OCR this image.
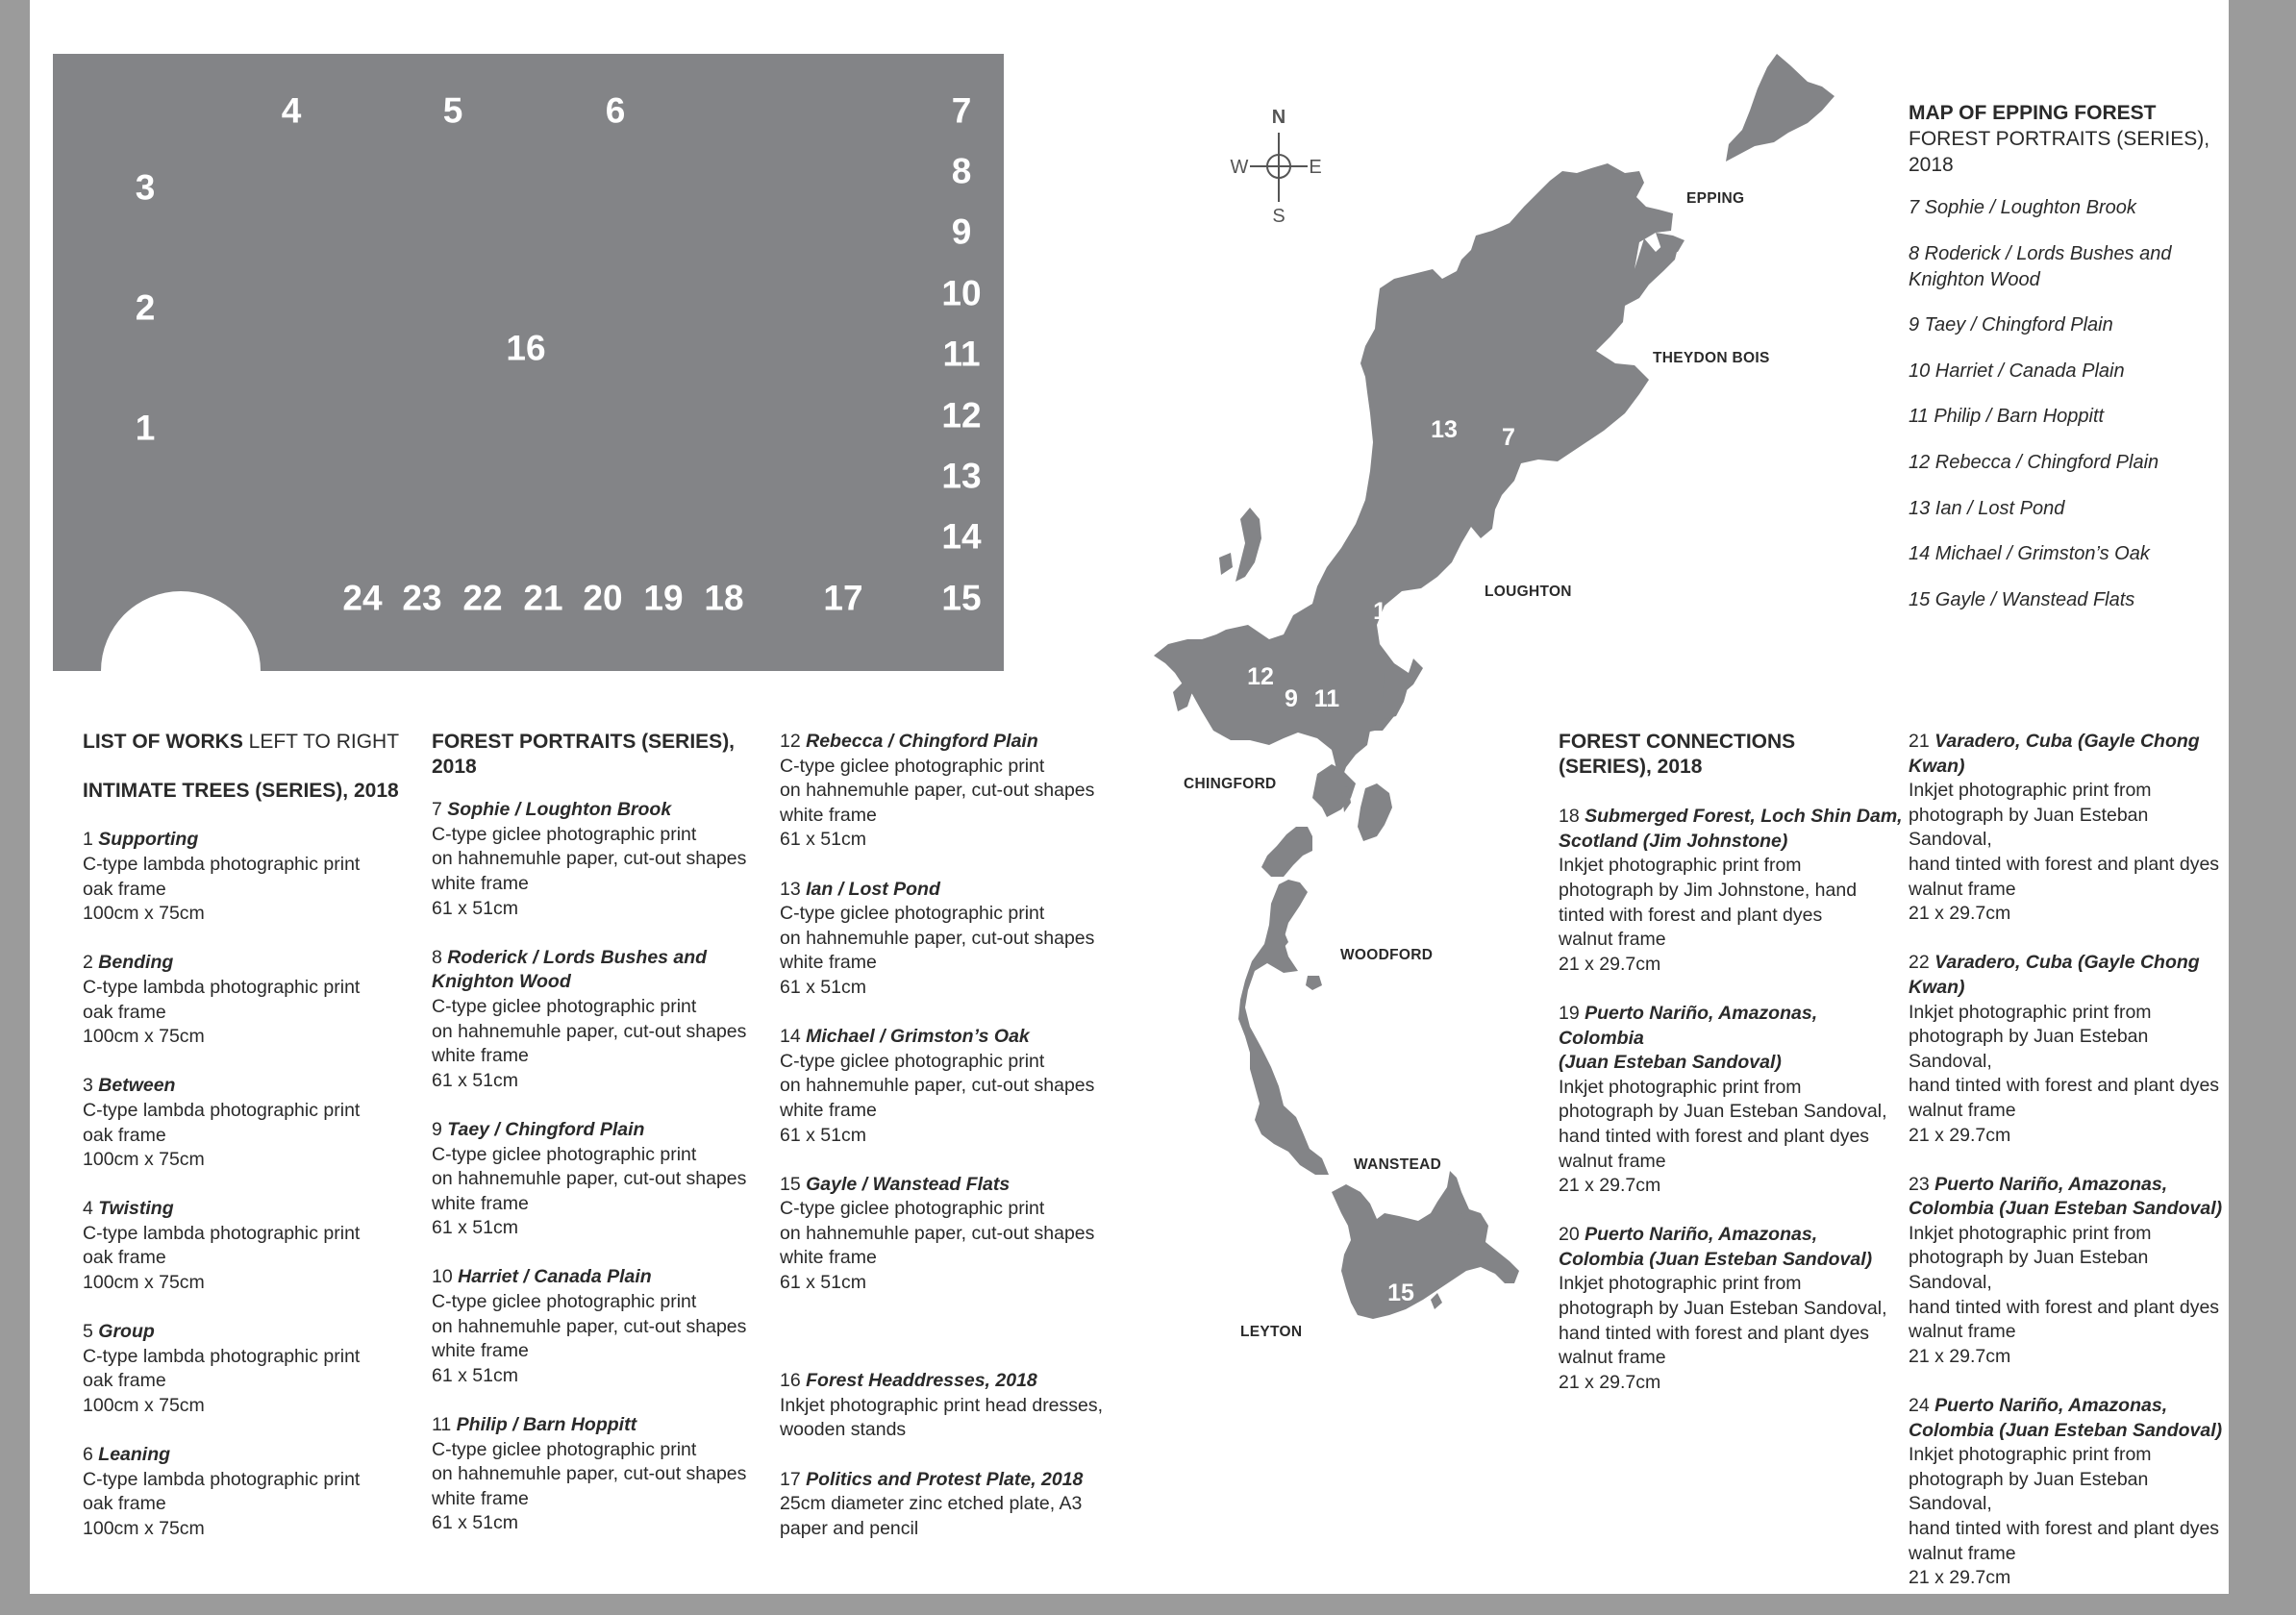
1
2
3
4	5	6	7
8
9
10
11
12
13
14
15
16
17
18
19
20
21
22
23
24
LIST OF WORKS LEFT TO RIGHT
INTIMATE TREES (SERIES), 2018
1 Supporting
C-type lambda photographic print
oak frame
100cm x 75cm
2 Bending
C-type lambda photographic print
oak frame
100cm x 75cm
3 Between
C-type lambda photographic print
oak frame
100cm x 75cm
4 Twisting
C-type lambda photographic print
oak frame
100cm x 75cm
5 Group
C-type lambda photographic print
oak frame
100cm x 75cm
6 Leaning
C-type lambda photographic print
oak frame
100cm x 75cm
FOREST PORTRAITS (SERIES), 2018
7 Sophie / Loughton Brook
C-type giclee photographic print
on hahnemuhle paper, cut-out shapes
white frame
61 x 51cm
8 Roderick / Lords Bushes and
Knighton Wood
C-type giclee photographic print
on hahnemuhle paper, cut-out shapes
white frame
61 x 51cm
9 Taey / Chingford Plain
C-type giclee photographic print
on hahnemuhle paper, cut-out shapes
white frame
61 x 51cm
10 Harriet / Canada Plain
C-type giclee photographic print
on hahnemuhle paper, cut-out shapes
white frame
61 x 51cm
11 Philip / Barn Hoppitt
C-type giclee photographic print
on hahnemuhle paper, cut-out shapes
white frame
61 x 51cm
12 Rebecca / Chingford Plain
C-type giclee photographic print
on hahnemuhle paper, cut-out shapes
white frame
61 x 51cm
13 Ian / Lost Pond
C-type giclee photographic print
on hahnemuhle paper, cut-out shapes
white frame
61 x 51cm
14 Michael / Grimston’s Oak
C-type giclee photographic print
on hahnemuhle paper, cut-out shapes
white frame
61 x 51cm
15 Gayle / Wanstead Flats
C-type giclee photographic print
on hahnemuhle paper, cut-out shapes
white frame
61 x 51cm
16 Forest Headdresses, 2018
Inkjet photographic print head dresses,
wooden stands
17 Politics and Protest Plate, 2018
25cm diameter zinc etched plate, A3
paper and pencil
FOREST CONNECTIONS
(SERIES), 2018
18 Submerged Forest, Loch Shin Dam,
Scotland (Jim Johnstone)
Inkjet photographic print from
photograph by Jim Johnstone, hand
tinted with forest and plant dyes
walnut frame
21 x 29.7cm
19 Puerto Nariño, Amazonas, Colombia
(Juan Esteban Sandoval)
Inkjet photographic print from
photograph by Juan Esteban Sandoval,
hand tinted with forest and plant dyes
walnut frame
21 x 29.7cm
20 Puerto Nariño, Amazonas,
Colombia (Juan Esteban Sandoval)
Inkjet photographic print from
photograph by Juan Esteban Sandoval,
hand tinted with forest and plant dyes
walnut frame
21 x 29.7cm
21 Varadero, Cuba (Gayle Chong Kwan)
Inkjet photographic print from
photograph by Juan Esteban Sandoval,
hand tinted with forest and plant dyes
walnut frame
21 x 29.7cm
22 Varadero, Cuba (Gayle Chong Kwan)
Inkjet photographic print from
photograph by Juan Esteban Sandoval,
hand tinted with forest and plant dyes
walnut frame
21 x 29.7cm
23 Puerto Nariño, Amazonas,
Colombia (Juan Esteban Sandoval)
Inkjet photographic print from
photograph by Juan Esteban Sandoval,
hand tinted with forest and plant dyes
walnut frame
21 x 29.7cm
24 Puerto Nariño, Amazonas,
Colombia (Juan Esteban Sandoval)
Inkjet photographic print from
photograph by Juan Esteban Sandoval,
hand tinted with forest and plant dyes
walnut frame
21 x 29.7cm
N
S
E
W
EPPING
THEYDON BOIS
LOUGHTON
CHINGFORD
WOODFORD
WANSTEAD
LEYTON
13 7
14
12
9 11
8
10
15
MAP OF EPPING FOREST
FOREST PORTRAITS (SERIES), 2018
7 Sophie / Loughton Brook
8 Roderick / Lords Bushes and
Knighton Wood
9 Taey / Chingford Plain
10 Harriet / Canada Plain
11 Philip / Barn Hoppitt
12 Rebecca / Chingford Plain
13 Ian / Lost Pond
14 Michael / Grimston’s Oak
15 Gayle / Wanstead Flats
